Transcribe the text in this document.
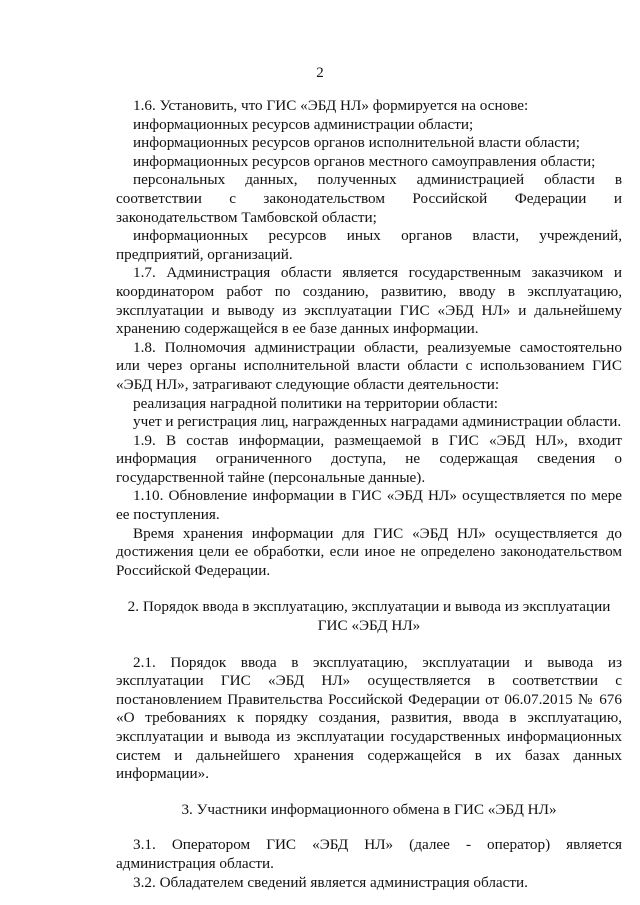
2

1.6. Установить, что ГИС «ЭБД НЛ» формируется на основе:

информационных ресурсов администрации области;

информационных ресурсов органов исполнительной власти области;

информационных ресурсов органов местного самоуправления области;

персональных данных, полученных администрацией области в соответствии с законодательством Российской Федерации и законодательством Тамбовской области;

информационных ресурсов иных органов власти, учреждений, предприятий, организаций.

1.7. Администрация области является государственным заказчиком и координатором работ по созданию, развитию, вводу в эксплуатацию, эксплуатации и выводу из эксплуатации ГИС «ЭБД НЛ» и дальнейшему хранению содержащейся в ее базе данных информации.

1.8. Полномочия администрации области, реализуемые самостоятельно или через органы исполнительной власти области с использованием ГИС «ЭБД НЛ», затрагивают следующие области деятельности:

реализация наградной политики на территории области:

учет и регистрация лиц, награжденных наградами администрации области.

1.9. В состав информации, размещаемой в ГИС «ЭБД НЛ», входит информация ограниченного доступа, не содержащая сведения о государственной тайне (персональные данные).

1.10. Обновление информации в ГИС «ЭБД НЛ» осуществляется по мере ее поступления.

Время хранения информации для ГИС «ЭБД НЛ» осуществляется до достижения цели ее обработки, если иное не определено законодательством Российской Федерации.

2. Порядок ввода в эксплуатацию, эксплуатации и вывода из эксплуатации ГИС «ЭБД НЛ»

2.1. Порядок ввода в эксплуатацию, эксплуатации и вывода из эксплуатации ГИС «ЭБД НЛ» осуществляется в соответствии с постановлением Правительства Российской Федерации от 06.07.2015 № 676 «О требованиях к порядку создания, развития, ввода в эксплуатацию, эксплуатации и вывода из эксплуатации государственных информационных систем и дальнейшего хранения содержащейся в их базах данных информации».

3. Участники информационного обмена в ГИС «ЭБД НЛ»

3.1. Оператором ГИС «ЭБД НЛ» (далее - оператор) является администрация области.

3.2. Обладателем сведений является администрация области.
